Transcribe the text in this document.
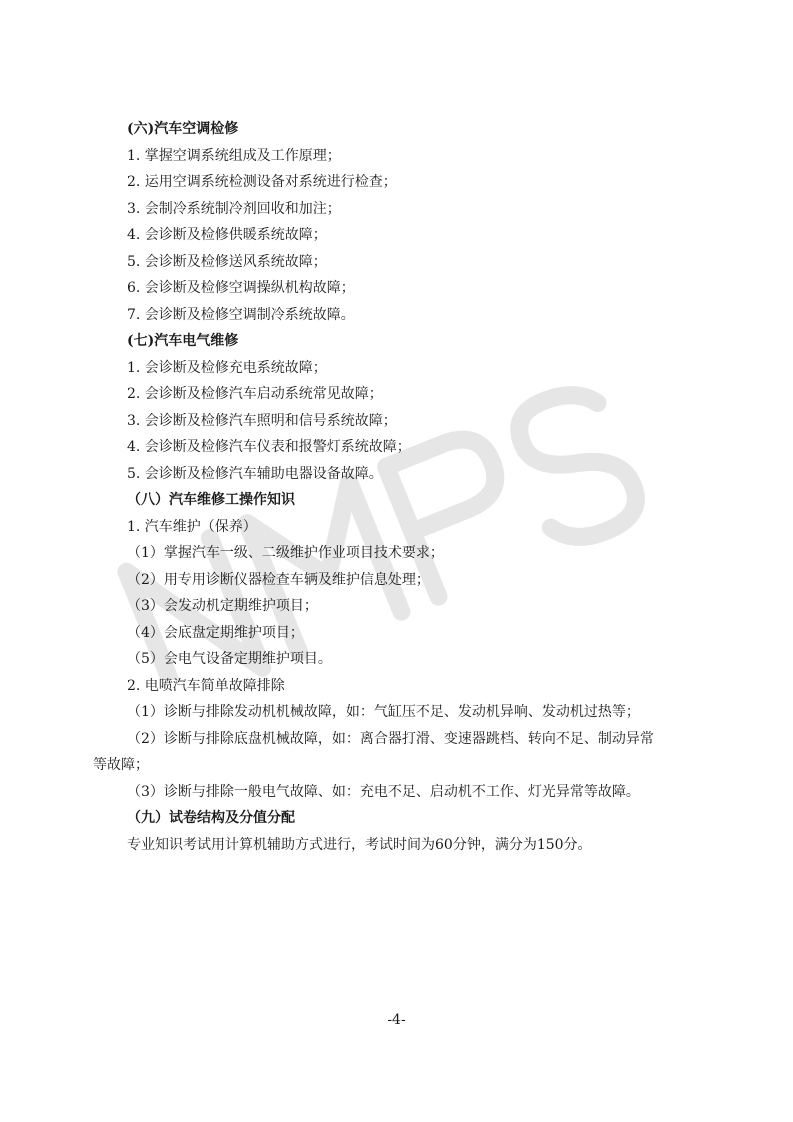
(六)汽车空调检修
1. 掌握空调系统组成及工作原理；
2. 运用空调系统检测设备对系统进行检查；
3. 会制冷系统制冷剂回收和加注；
4. 会诊断及检修供暖系统故障；
5. 会诊断及检修送风系统故障；
6. 会诊断及检修空调操纵机构故障；
7. 会诊断及检修空调制冷系统故障。
(七)汽车电气维修
1. 会诊断及检修充电系统故障；
2. 会诊断及检修汽车启动系统常见故障；
3. 会诊断及检修汽车照明和信号系统故障；
4. 会诊断及检修汽车仪表和报警灯系统故障；
5. 会诊断及检修汽车辅助电器设备故障。
（八）汽车维修工操作知识
1. 汽车维护（保养）
（1）掌握汽车一级、二级维护作业项目技术要求；
（2）用专用诊断仪器检查车辆及维护信息处理；
（3）会发动机定期维护项目；
（4）会底盘定期维护项目；
（5）会电气设备定期维护项目。
2. 电喷汽车简单故障排除
（1）诊断与排除发动机机械故障，如：气缸压不足、发动机异响、发动机过热等；
（2）诊断与排除底盘机械故障，如：离合器打滑、变速器跳档、转向不足、制动异常
等故障；
（3）诊断与排除一般电气故障、如：充电不足、启动机不工作、灯光异常等故障。
（九）试卷结构及分值分配
专业知识考试用计算机辅助方式进行，考试时间为60分钟，满分为150分。
-4-
